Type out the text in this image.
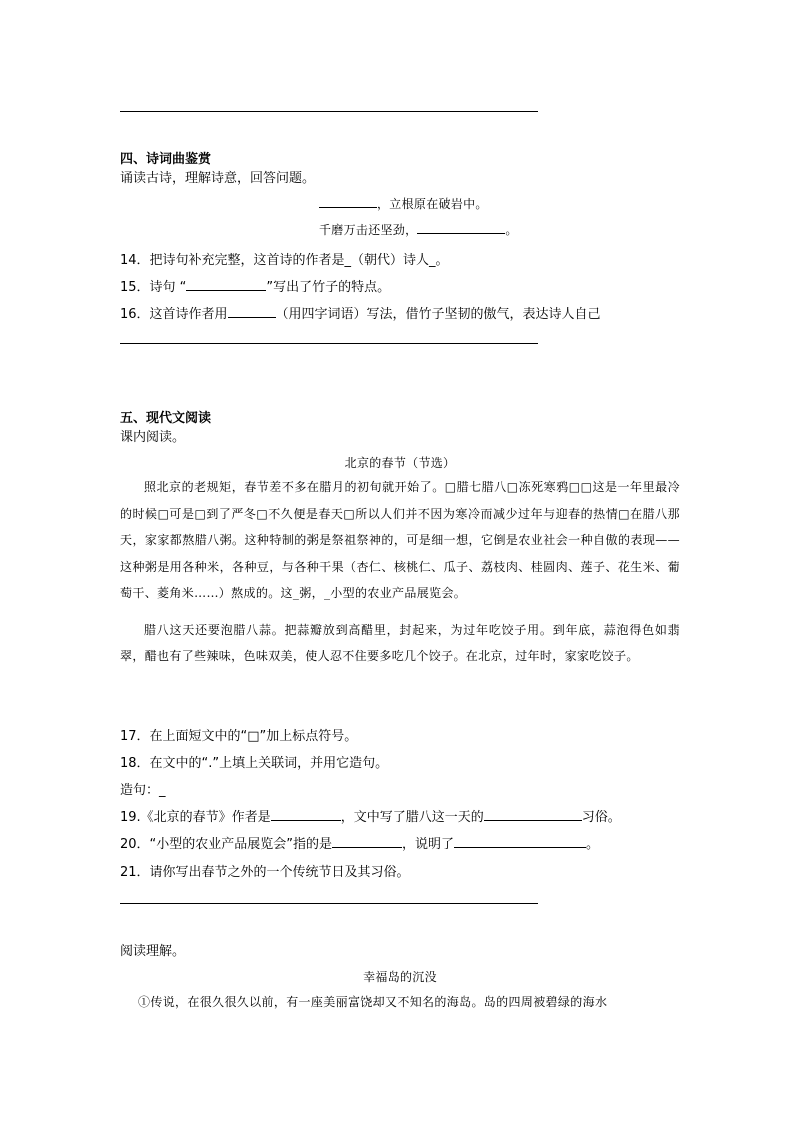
四、诗词曲鉴赏
诵读古诗，理解诗意，回答问题。
，立根原在破岩中。
千磨万击还坚劲，	。
14．把诗句补充完整，这首诗的作者是_（朝代）诗人_。
15．诗句 “	”写出了竹子的特点。
16．这首诗作者用	（用四字词语）写法，借竹子坚韧的傲气，表达诗人自己
五、现代文阅读
课内阅读。
北京的春节（节选）

照北京的老规矩，春节差不多在腊月的初旬就开始了。□腊七腊八□冻死寒鸦□□这是一年里最冷的时候□可是□到了严冬□不久便是春天□所以人们并不因为寒冷而减少过年与迎春的热情□在腊八那天，家家都熬腊八粥。这种特制的粥是祭祖祭神的，可是细一想，它倒是农业社会一种自傲的表现——这种粥是用各种米，各种豆，与各种干果（杏仁、核桃仁、瓜子、荔枝肉、桂圆肉、莲子、花生米、葡萄干、菱角米……）熬成的。这_粥，_小型的农业产品展览会。

腊八这天还要泡腊八蒜。把蒜瓣放到高醋里，封起来，为过年吃饺子用。到年底，蒜泡得色如翡翠，醋也有了些辣味，色味双美，使人忍不住要多吃几个饺子。在北京，过年时，家家吃饺子。

17．在上面短文中的“□”加上标点符号。
18．在文中的“.”上填上关联词，并用它造句。
造句：_
19.《北京的春节》作者是	，文中写了腊八这一天的	习俗。
20．“小型的农业产品展览会”指的是	，说明了	。
21．请你写出春节之外的一个传统节日及其习俗。
阅读理解。
幸福岛的沉没

①传说，在很久很久以前，有一座美丽富饶却又不知名的海岛。岛的四周被碧绿的海水
